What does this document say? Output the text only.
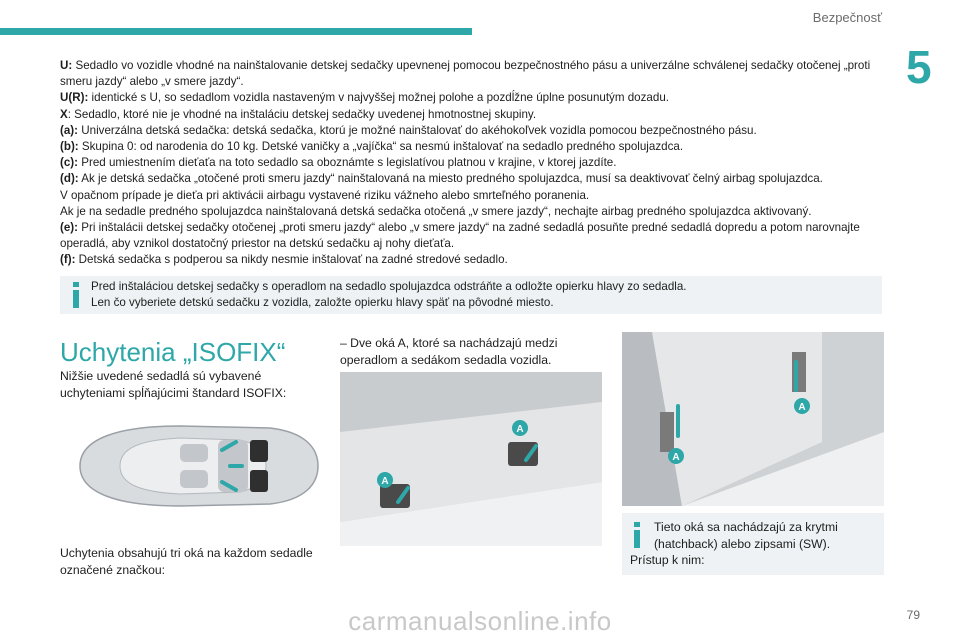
Bezpečnosť
5

U: Sedadlo vo vozidle vhodné na nainštalovanie detskej sedačky upevnenej pomocou bezpečnostného pásu a univerzálne schválenej sedačky otočenej „proti smeru jazdy“ alebo „v smere jazdy“.

U(R): identické s U, so sedadlom vozidla nastaveným v najvyššej možnej polohe a pozdĺžne úplne posunutým dozadu.

X: Sedadlo, ktoré nie je vhodné na inštaláciu detskej sedačky uvedenej hmotnostnej skupiny.

(a): Univerzálna detská sedačka: detská sedačka, ktorú je možné nainštalovať do akéhokoľvek vozidla pomocou bezpečnostného pásu.

(b): Skupina 0: od narodenia do 10 kg. Detské vaničky a „vajíčka“ sa nesmú inštalovať na sedadlo predného spolujazdca.

(c): Pred umiestnením dieťaťa na toto sedadlo sa oboznámte s legislatívou platnou v krajine, v ktorej jazdíte.

(d): Ak je detská sedačka „otočené proti smeru jazdy“ nainštalovaná na miesto predného spolujazdca, musí sa deaktivovať čelný airbag spolujazdca.

V opačnom prípade je dieťa pri aktivácii airbagu vystavené riziku vážneho alebo smrteľného poranenia.

Ak je na sedadle predného spolujazdca nainštalovaná detská sedačka otočená „v smere jazdy“, nechajte airbag predného spolujazdca aktivovaný.

(e): Pri inštalácii detskej sedačky otočenej „proti smeru jazdy“ alebo „v smere jazdy“ na zadné sedadlá posuňte predné sedadlá dopredu a potom narovnajte operadlá, aby vznikol dostatočný priestor na detskú sedačku aj nohy dieťaťa.

(f): Detská sedačka s podperou sa nikdy nesmie inštalovať na zadné stredové sedadlo.

Pred inštaláciou detskej sedačky s operadlom na sedadlo spolujazdca odstráňte a odložte opierku hlavy zo sedadla.
Len čo vyberiete detskú sedačku z vozidla, založte opierku hlavy späť na pôvodné miesto.
Uchytenia „ISOFIX“
Nižšie uvedené sedadlá sú vybavené uchyteniami spĺňajúcimi štandard ISOFIX:
Uchytenia obsahujú tri oká na každom sedadle označené značkou:
– Dve oká A, ktoré sa nachádzajú medzi operadlom a sedákom sedadla vozidla.
A
A
A
A
Tieto oká sa nachádzajú za krytmi (hatchback) alebo zipsami (SW).
Prístup k nim:
carmanualsonline.info	79
